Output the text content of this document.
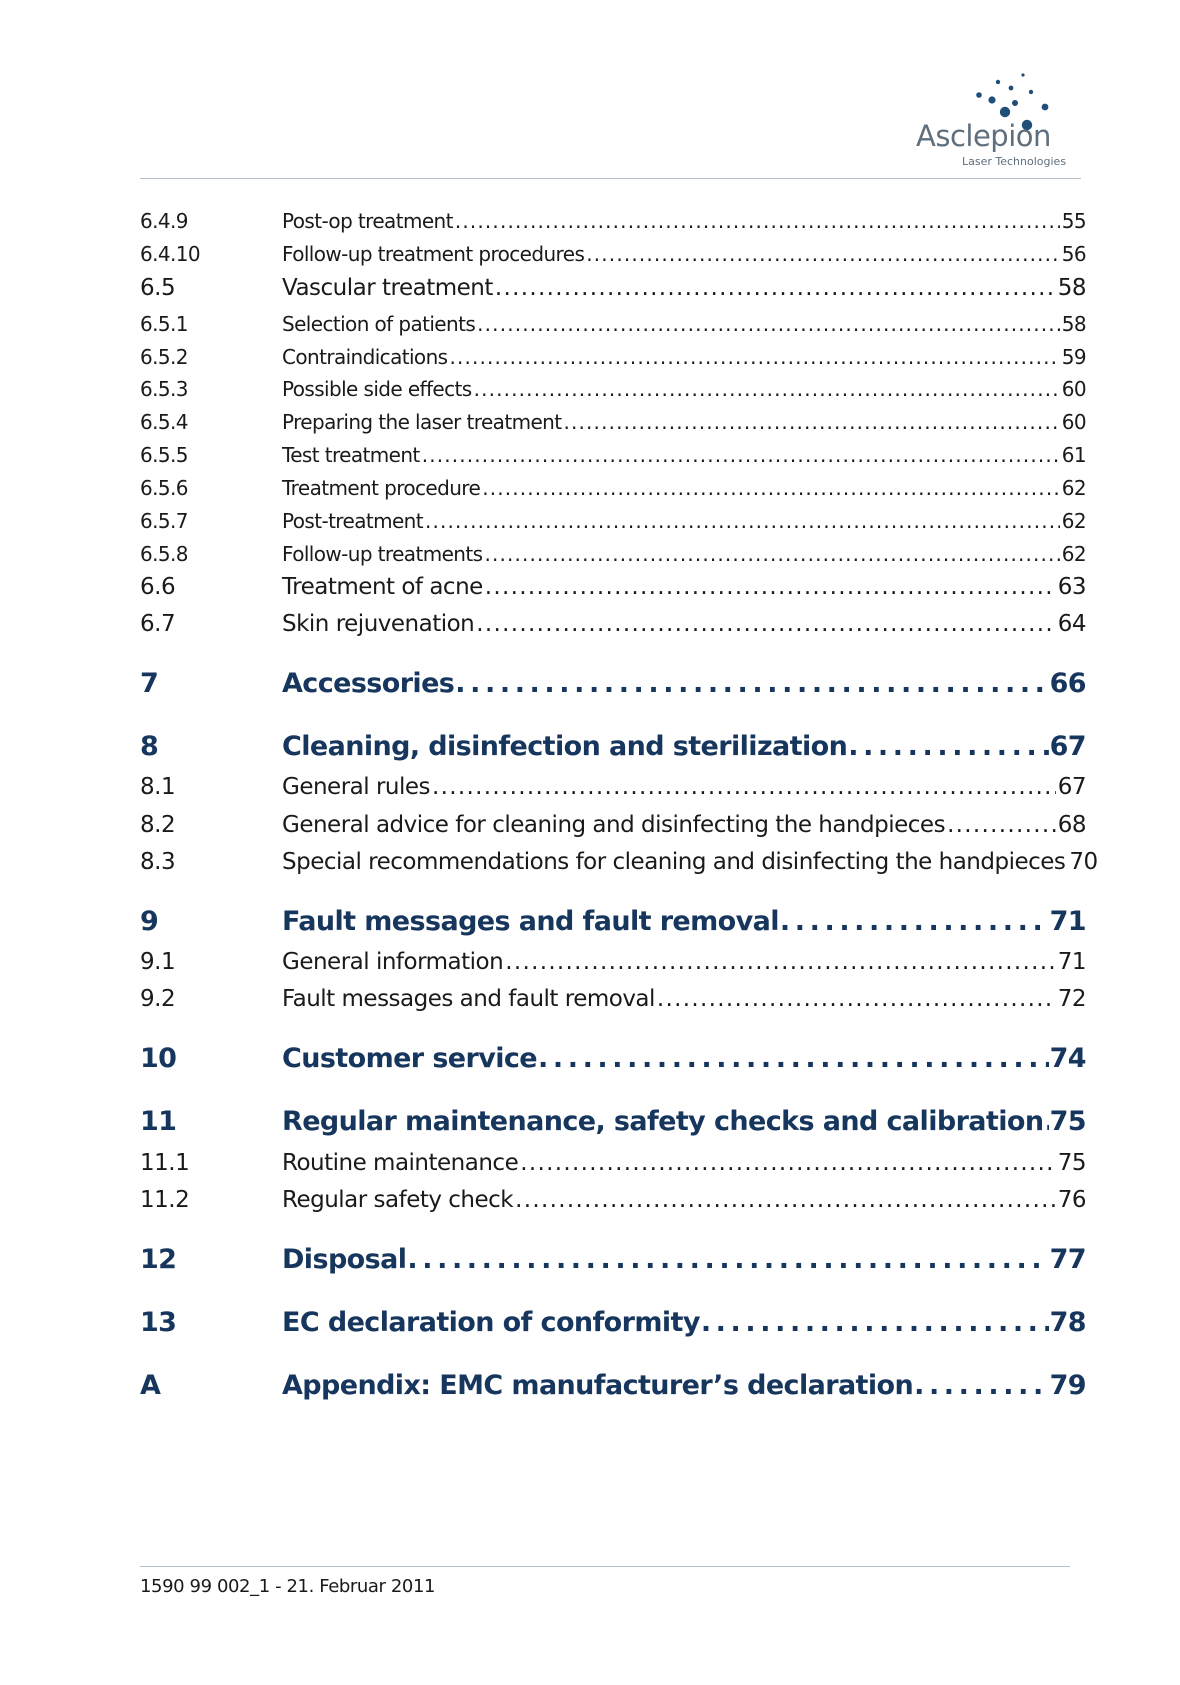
Asclepion
Laser Technologies
6.4.9	Post-op treatment . . .	55
6.4.10	Follow-up treatment procedures . . .	56
6.5	Vascular treatment . . .	58
6.5.1	Selection of patients . . .	58
6.5.2	Contraindications . . .	59
6.5.3	Possible side effects . . .	60
6.5.4	Preparing the laser treatment . . .	60
6.5.5	Test treatment . . .	61
6.5.6	Treatment procedure . . .	62
6.5.7	Post-treatment . . .	62
6.5.8	Follow-up treatments . . .	62
6.6	Treatment of acne . . .	63
6.7	Skin rejuvenation . . .	64
7	Accessories . . .	66
8	Cleaning, disinfection and sterilization . . .	67
8.1	General rules . . .	67
8.2	General advice for cleaning and disinfecting the handpieces . . .	68
8.3	Special recommendations for cleaning and disinfecting the handpieces 70
9	Fault messages and fault removal . . .	71
9.1	General information . . .	71
9.2	Fault messages and fault removal . . .	72
10	Customer service . . .	74
11	Regular maintenance, safety checks and calibration . . . 75
11.1	Routine maintenance . . .	75
11.2	Regular safety check . . .	76
12	Disposal . . .	77
13	EC declaration of conformity . . .	78
A	Appendix: EMC manufacturer’s declaration . . .	79
1590 99 002_1 - 21. Februar 2011
